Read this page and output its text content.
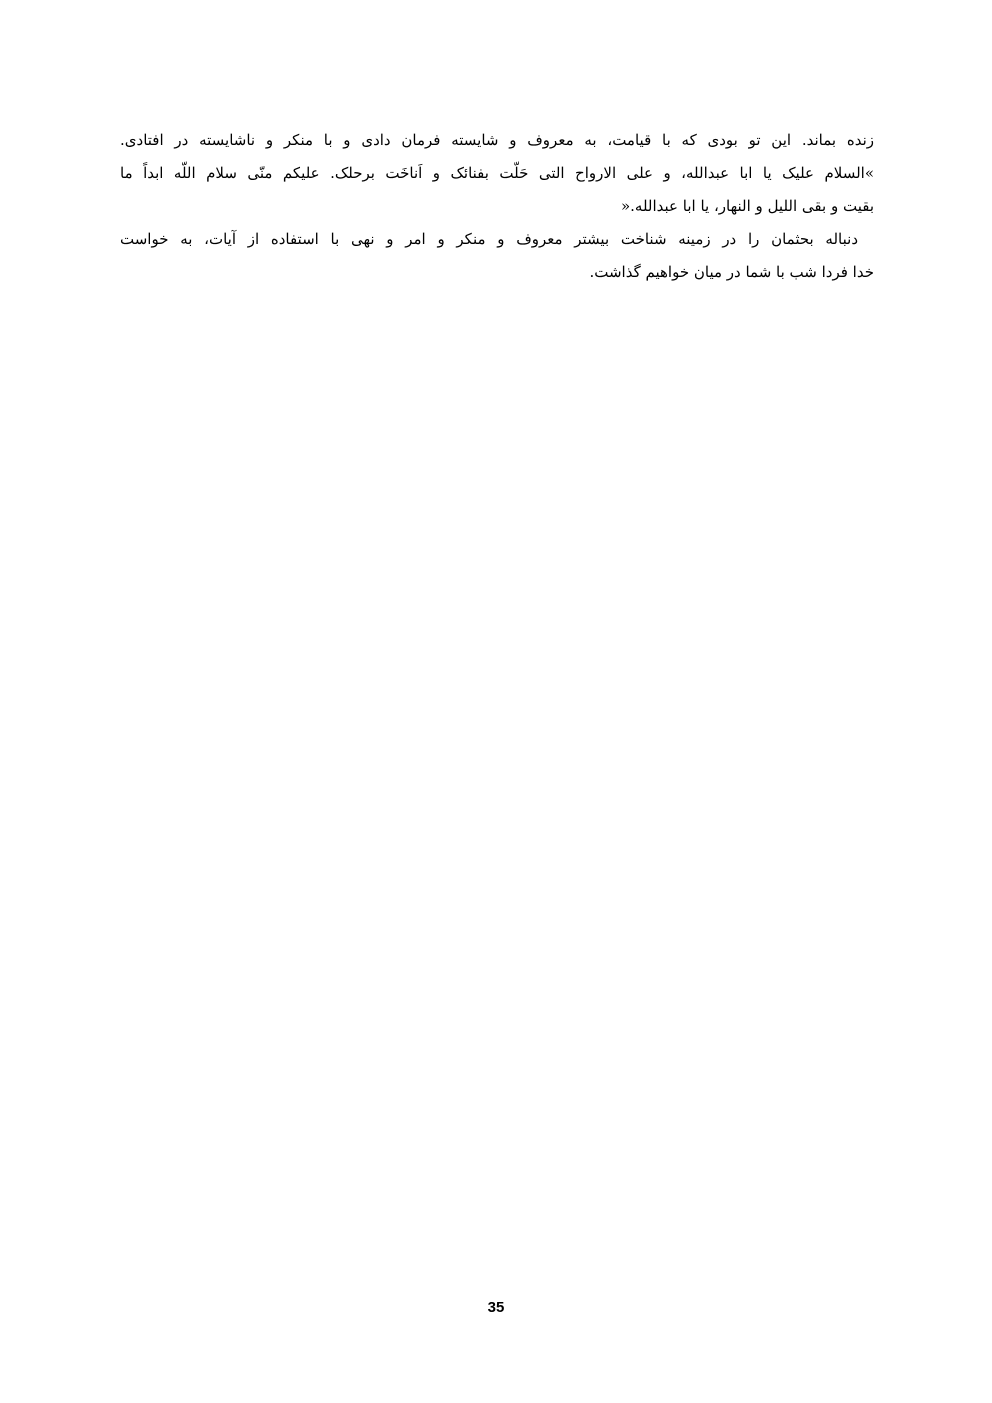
زنده بماند. این تو بودی که با قیامت، به معروف و شایسته فرمان دادی و با منکر و ناشایسته در افتادی.
»السلام علیک یا ابا عبدالله، و علی الارواح التی حَلّت بفنائک و اَناخَت برحلک. علیکم منّی سلام اللّه ابداً ما
بقیت و بقی اللیل و النهار، یا ابا عبدالله.«
دنباله بحثمان را در زمینه شناخت بیشتر معروف و منکر و امر و نهی با استفاده از آیات، به خواست
خدا فردا شب با شما در میان خواهیم گذاشت.
35
